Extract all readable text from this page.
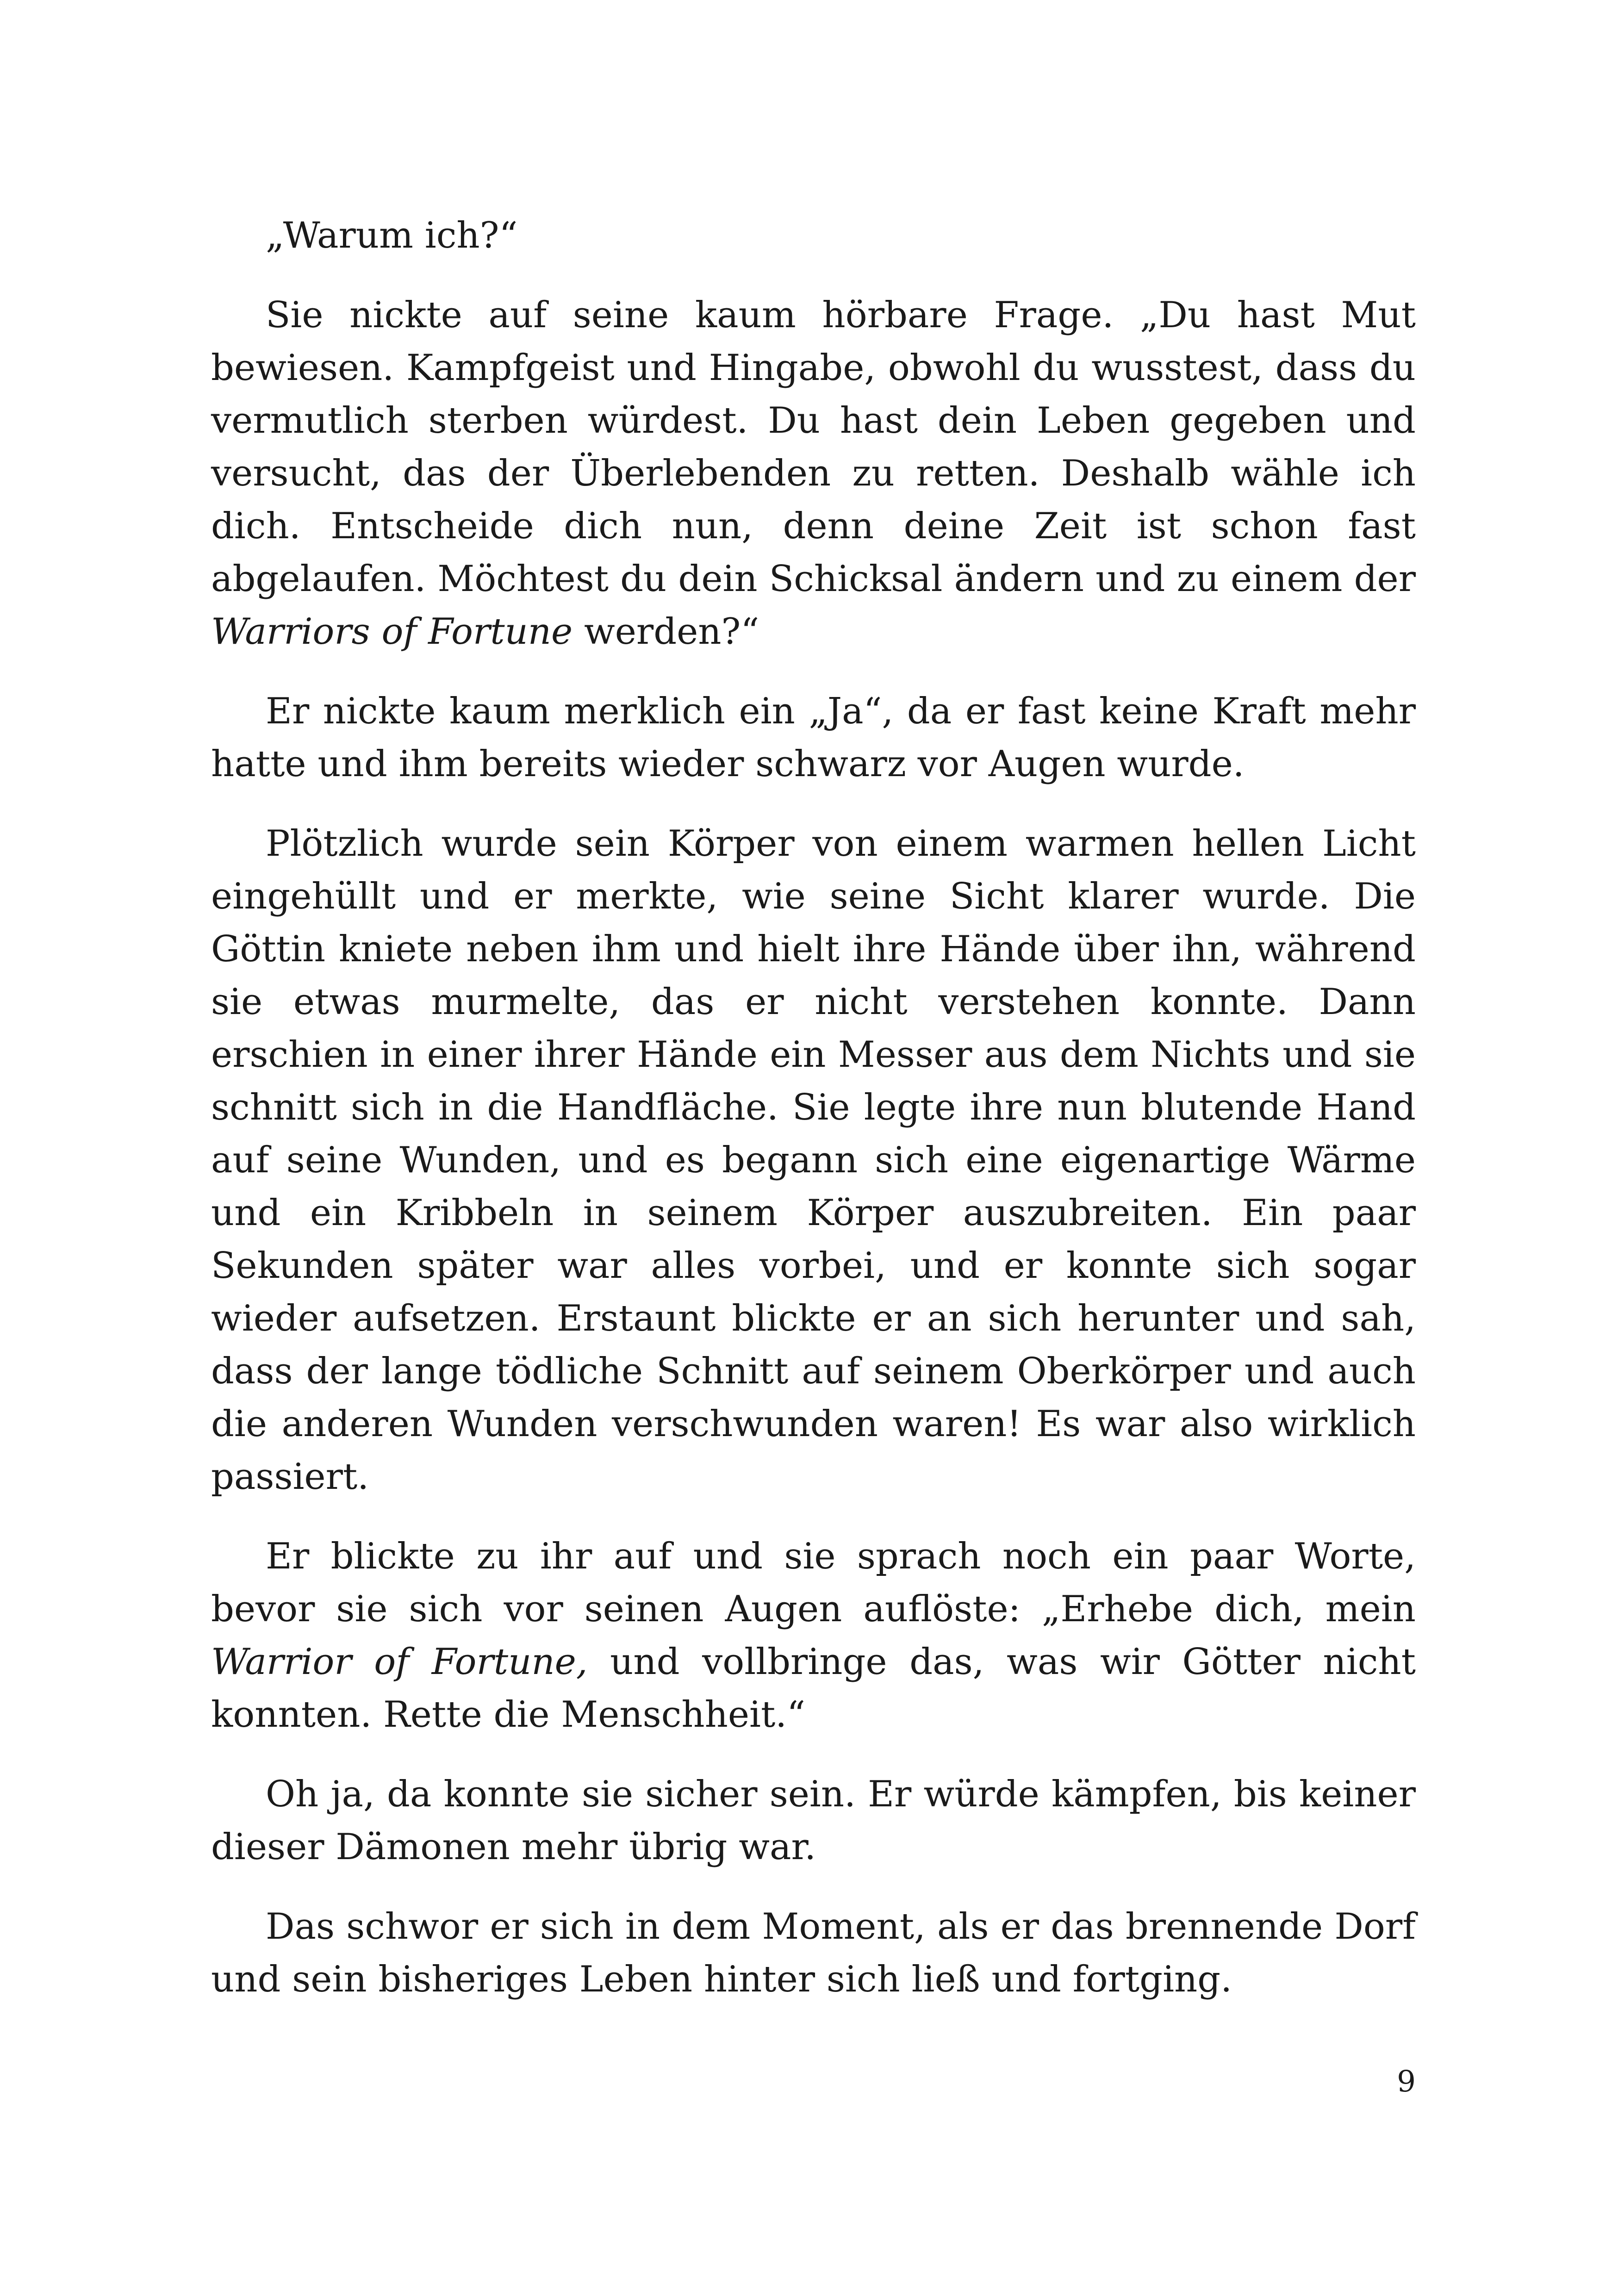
„Warum ich?“

Sie nickte auf seine kaum hörbare Frage. „Du hast Mut bewiesen. Kampfgeist und Hingabe, obwohl du wusstest, dass du vermutlich sterben würdest. Du hast dein Leben gegeben und versucht, das der Überlebenden zu retten. Deshalb wähle ich dich. Entscheide dich nun, denn deine Zeit ist schon fast abgelaufen. Möchtest du dein Schicksal ändern und zu einem der Warriors of Fortune werden?“

Er nickte kaum merklich ein „Ja“, da er fast keine Kraft mehr hatte und ihm bereits wieder schwarz vor Augen wurde.

Plötzlich wurde sein Körper von einem warmen hellen Licht eingehüllt und er merkte, wie seine Sicht klarer wurde. Die Göttin kniete neben ihm und hielt ihre Hände über ihn, während sie etwas murmelte, das er nicht verstehen konnte. Dann erschien in einer ihrer Hände ein Messer aus dem Nichts und sie schnitt sich in die Handfläche. Sie legte ihre nun blutende Hand auf seine Wunden, und es begann sich eine eigenartige Wärme und ein Kribbeln in seinem Körper auszubreiten. Ein paar Sekunden später war alles vorbei, und er konnte sich sogar wieder aufsetzen. Erstaunt blickte er an sich herunter und sah, dass der lange tödliche Schnitt auf seinem Oberkörper und auch die anderen Wunden verschwunden waren! Es war also wirklich passiert.

Er blickte zu ihr auf und sie sprach noch ein paar Worte, bevor sie sich vor seinen Augen auflöste: „Erhebe dich, mein Warrior of Fortune, und vollbringe das, was wir Götter nicht konnten. Rette die Menschheit.“

Oh ja, da konnte sie sicher sein. Er würde kämpfen, bis keiner dieser Dämonen mehr übrig war.

Das schwor er sich in dem Moment, als er das brennende Dorf und sein bisheriges Leben hinter sich ließ und fortging.

9
